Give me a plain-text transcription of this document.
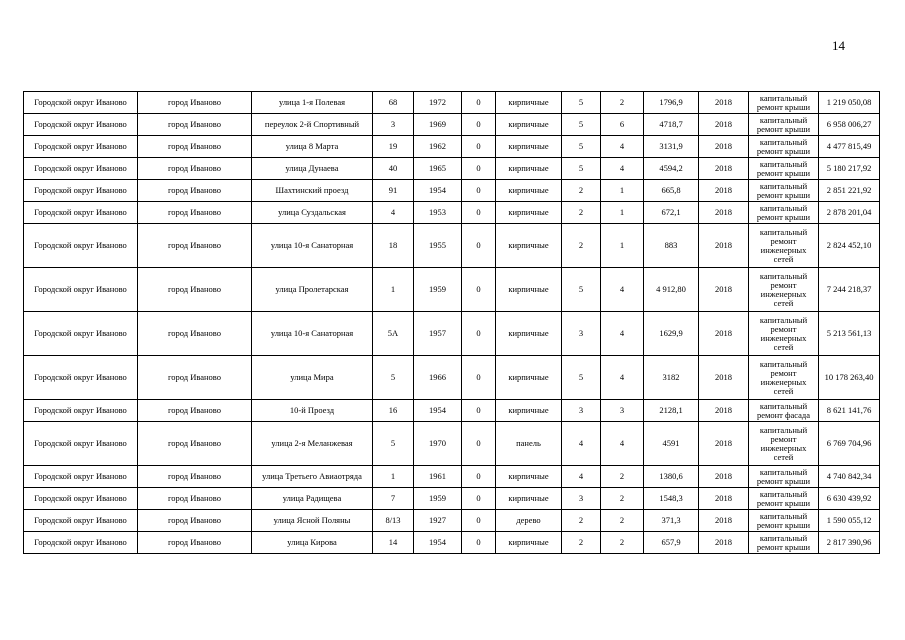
14
Городской округ Иваново	город Иваново	улица 1-я Полевая	68	1972	0	кирпичные	5	2	1796,9	2018	капитальный ремонт крыши	1 219 050,08
Городской округ Иваново	город Иваново	переулок 2-й Спортивный	3	1969	0	кирпичные	5	6	4718,7	2018	капитальный ремонт крыши	6 958 006,27
Городской округ Иваново	город Иваново	улица 8 Марта	19	1962	0	кирпичные	5	4	3131,9	2018	капитальный ремонт крыши	4 477 815,49
Городской округ Иваново	город Иваново	улица Дунаева	40	1965	0	кирпичные	5	4	4594,2	2018	капитальный ремонт крыши	5 180 217,92
Городской округ Иваново	город Иваново	Шахтинский проезд	91	1954	0	кирпичные	2	1	665,8	2018	капитальный ремонт крыши	2 851 221,92
Городской округ Иваново	город Иваново	улица Суздальская	4	1953	0	кирпичные	2	1	672,1	2018	капитальный ремонт крыши	2 878 201,04
Городской округ Иваново	город Иваново	улица 10-я Санаторная	18	1955	0	кирпичные	2	1	883	2018	капитальный ремонт инженерных сетей	2 824 452,10
Городской округ Иваново	город Иваново	улица Пролетарская	1	1959	0	кирпичные	5	4	4 912,80	2018	капитальный ремонт инженерных сетей	7 244 218,37
Городской округ Иваново	город Иваново	улица 10-я Санаторная	5А	1957	0	кирпичные	3	4	1629,9	2018	капитальный ремонт инженерных сетей	5 213 561,13
Городской округ Иваново	город Иваново	улица Мира	5	1966	0	кирпичные	5	4	3182	2018	капитальный ремонт инженерных сетей	10 178 263,40
Городской округ Иваново	город Иваново	10-й Проезд	16	1954	0	кирпичные	3	3	2128,1	2018	капитальный ремонт фасада	8 621 141,76
Городской округ Иваново	город Иваново	улица 2-я Меланжевая	5	1970	0	панель	4	4	4591	2018	капитальный ремонт инженерных сетей	6 769 704,96
Городской округ Иваново	город Иваново	улица Третьего Авиаотряда	1	1961	0	кирпичные	4	2	1380,6	2018	капитальный ремонт крыши	4 740 842,34
Городской округ Иваново	город Иваново	улица Радищева	7	1959	0	кирпичные	3	2	1548,3	2018	капитальный ремонт крыши	6 630 439,92
Городской округ Иваново	город Иваново	улица Ясной Поляны	8/13	1927	0	дерево	2	2	371,3	2018	капитальный ремонт крыши	1 590 055,12
Городской округ Иваново	город Иваново	улица Кирова	14	1954	0	кирпичные	2	2	657,9	2018	капитальный ремонт крыши	2 817 390,96
